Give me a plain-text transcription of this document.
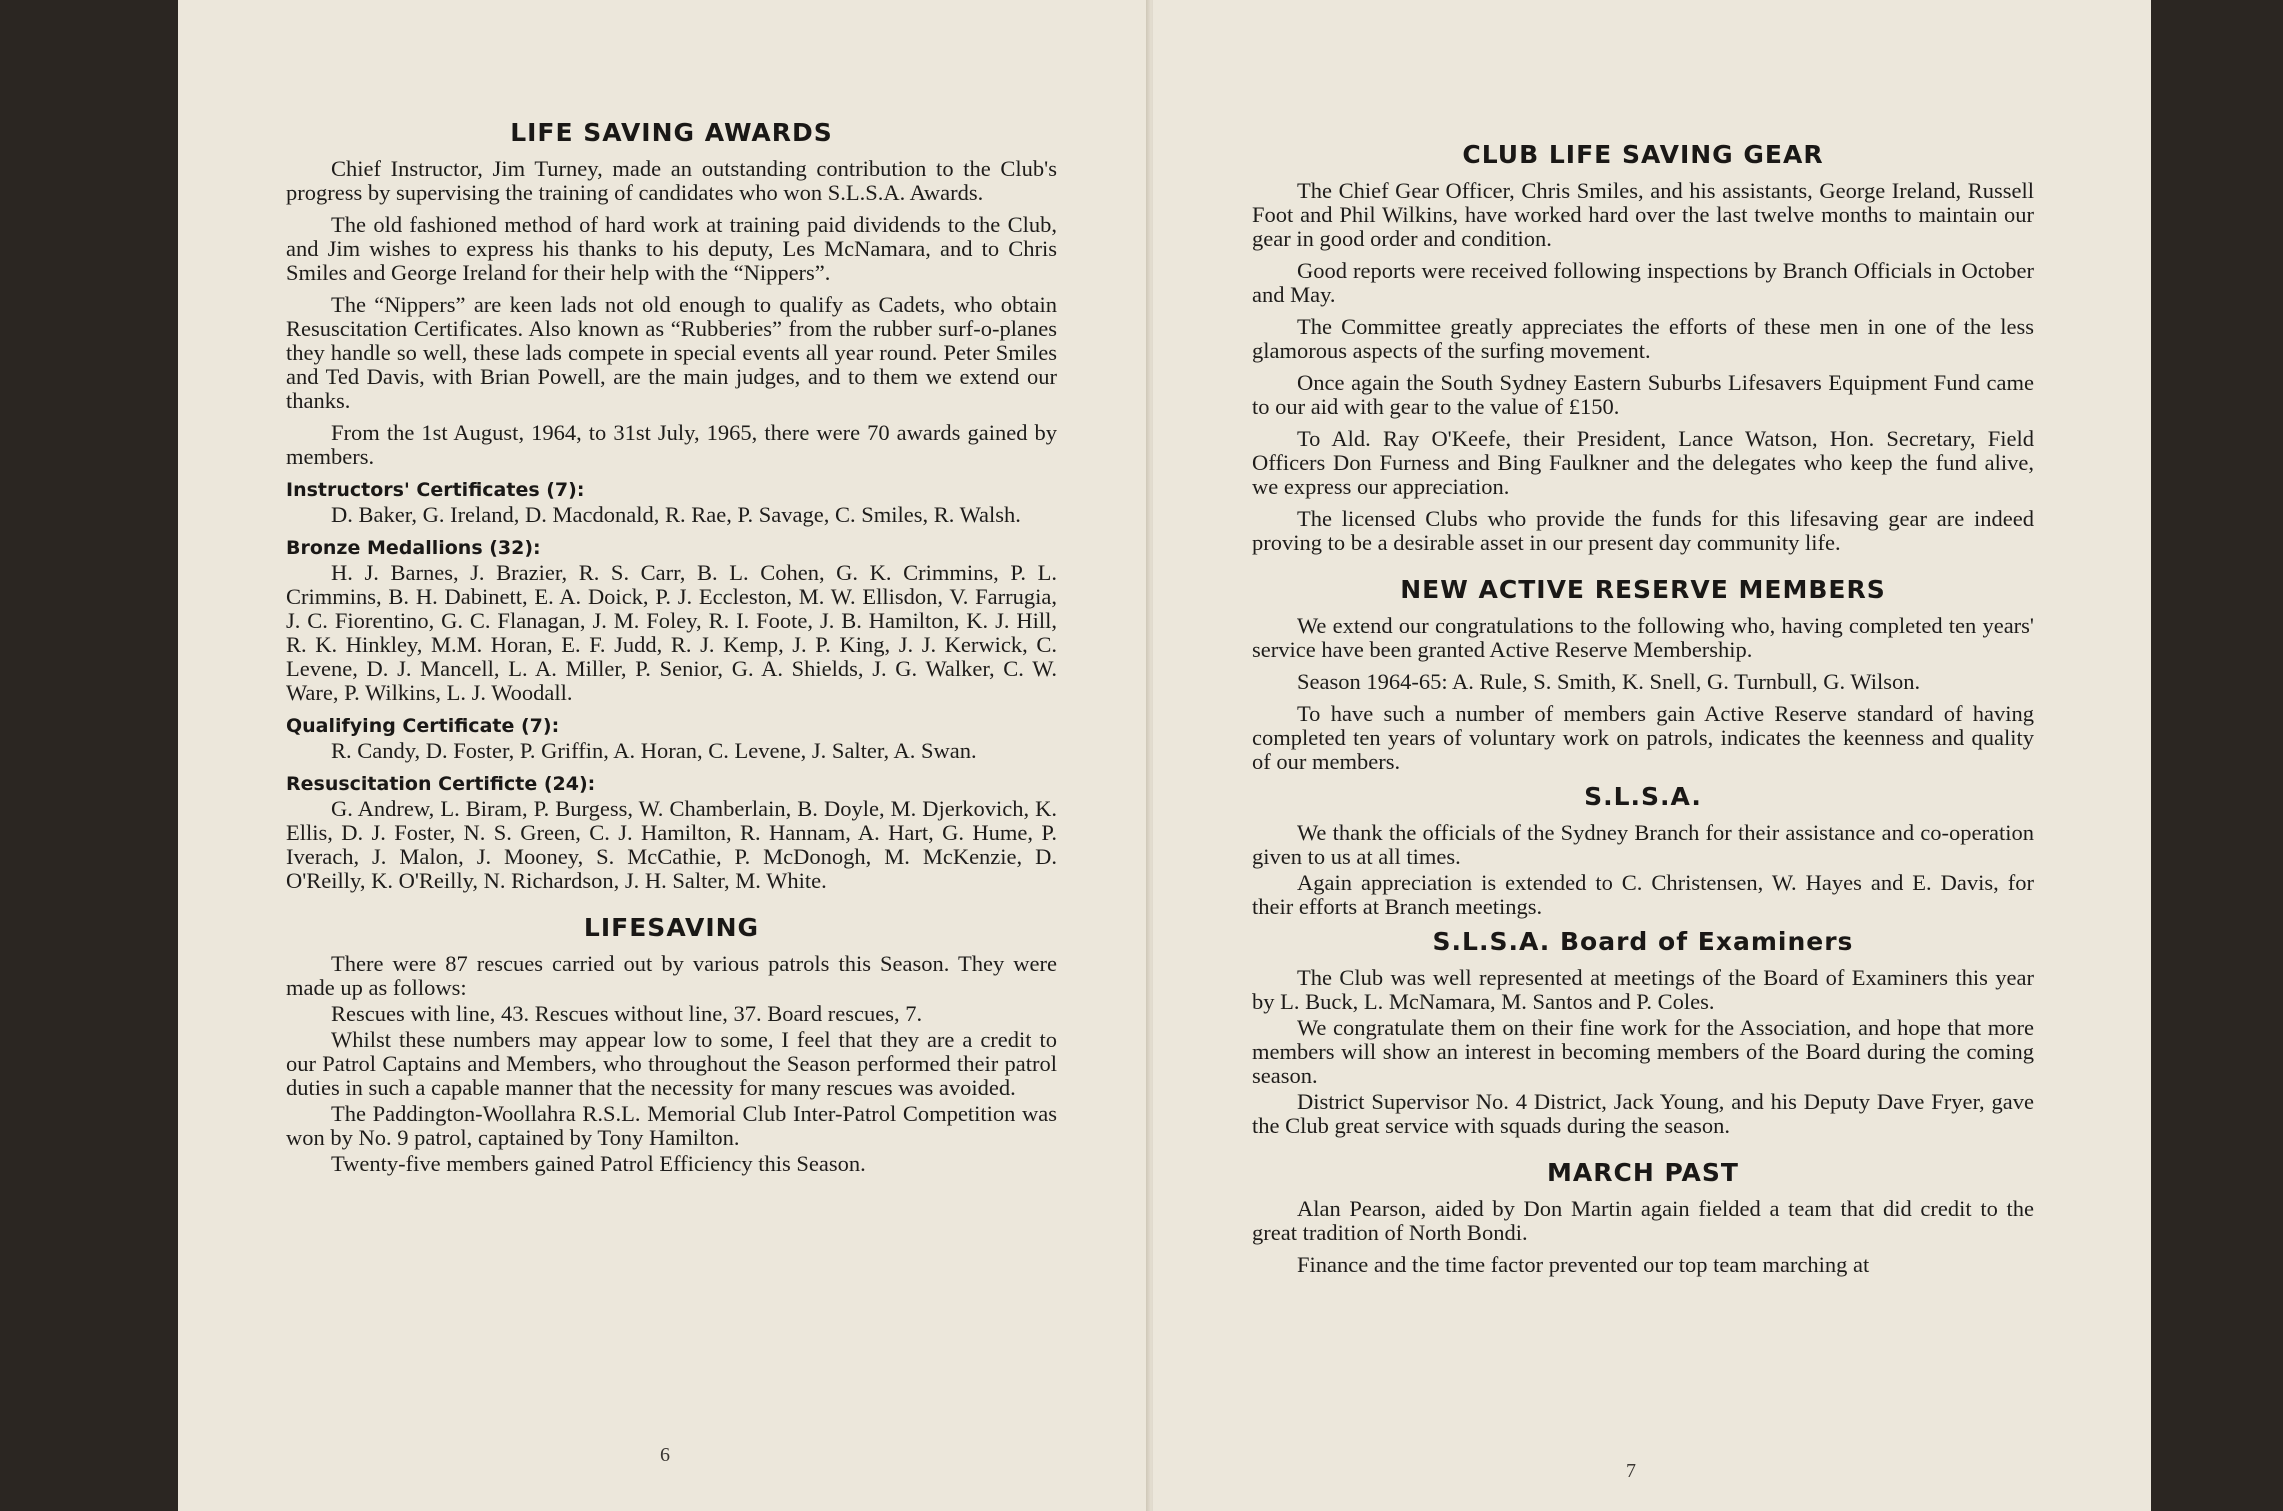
LIFE SAVING AWARDS

Chief Instructor, Jim Turney, made an outstanding contribution to the Club's progress by supervising the training of candidates who won S.L.S.A. Awards.

The old fashioned method of hard work at training paid dividends to the Club, and Jim wishes to express his thanks to his deputy, Les McNamara, and to Chris Smiles and George Ireland for their help with the “Nippers”.

The “Nippers” are keen lads not old enough to qualify as Cadets, who obtain Resuscitation Certificates. Also known as “Rubberies” from the rubber surf-o-planes they handle so well, these lads compete in special events all year round. Peter Smiles and Ted Davis, with Brian Powell, are the main judges, and to them we extend our thanks.

From the 1st August, 1964, to 31st July, 1965, there were 70 awards gained by members.

Instructors' Certificates (7):

D. Baker, G. Ireland, D. Macdonald, R. Rae, P. Savage, C. Smiles, R. Walsh.

Bronze Medallions (32):

H. J. Barnes, J. Brazier, R. S. Carr, B. L. Cohen, G. K. Crimmins, P. L. Crimmins, B. H. Dabinett, E. A. Doick, P. J. Eccleston, M. W. Ellisdon, V. Farrugia, J. C. Fiorentino, G. C. Flanagan, J. M. Foley, R. I. Foote, J. B. Hamilton, K. J. Hill, R. K. Hinkley, M.M. Horan, E. F. Judd, R. J. Kemp, J. P. King, J. J. Kerwick, C. Levene, D. J. Mancell, L. A. Miller, P. Senior, G. A. Shields, J. G. Walker, C. W. Ware, P. Wilkins, L. J. Woodall.

Qualifying Certificate (7):

R. Candy, D. Foster, P. Griffin, A. Horan, C. Levene, J. Salter, A. Swan.

Resuscitation Certificte (24):

G. Andrew, L. Biram, P. Burgess, W. Chamberlain, B. Doyle, M. Djerkovich, K. Ellis, D. J. Foster, N. S. Green, C. J. Hamilton, R. Hannam, A. Hart, G. Hume, P. Iverach, J. Malon, J. Mooney, S. McCathie, P. McDonogh, M. McKenzie, D. O'Reilly, K. O'Reilly, N. Richardson, J. H. Salter, M. White.

LIFESAVING

There were 87 rescues carried out by various patrols this Season. They were made up as follows:

Rescues with line, 43. Rescues without line, 37. Board rescues, 7.

Whilst these numbers may appear low to some, I feel that they are a credit to our Patrol Captains and Members, who throughout the Season performed their patrol duties in such a capable manner that the necessity for many rescues was avoided.

The Paddington-Woollahra R.S.L. Memorial Club Inter-Patrol Competition was won by No. 9 patrol, captained by Tony Hamilton.

Twenty-five members gained Patrol Efficiency this Season.

6
CLUB LIFE SAVING GEAR

The Chief Gear Officer, Chris Smiles, and his assistants, George Ireland, Russell Foot and Phil Wilkins, have worked hard over the last twelve months to maintain our gear in good order and condition.

Good reports were received following inspections by Branch Officials in October and May.

The Committee greatly appreciates the efforts of these men in one of the less glamorous aspects of the surfing movement.

Once again the South Sydney Eastern Suburbs Lifesavers Equipment Fund came to our aid with gear to the value of £150.

To Ald. Ray O'Keefe, their President, Lance Watson, Hon. Secretary, Field Officers Don Furness and Bing Faulkner and the delegates who keep the fund alive, we express our appreciation.

The licensed Clubs who provide the funds for this lifesaving gear are indeed proving to be a desirable asset in our present day community life.

NEW ACTIVE RESERVE MEMBERS

We extend our congratulations to the following who, having completed ten years' service have been granted Active Reserve Membership.

Season 1964-65: A. Rule, S. Smith, K. Snell, G. Turnbull, G. Wilson.

To have such a number of members gain Active Reserve standard of having completed ten years of voluntary work on patrols, indicates the keenness and quality of our members.

S.L.S.A.

We thank the officials of the Sydney Branch for their assistance and co-operation given to us at all times.

Again appreciation is extended to C. Christensen, W. Hayes and E. Davis, for their efforts at Branch meetings.

S.L.S.A. Board of Examiners

The Club was well represented at meetings of the Board of Examiners this year by L. Buck, L. McNamara, M. Santos and P. Coles.

We congratulate them on their fine work for the Association, and hope that more members will show an interest in becoming members of the Board during the coming season.

District Supervisor No. 4 District, Jack Young, and his Deputy Dave Fryer, gave the Club great service with squads during the season.

MARCH PAST

Alan Pearson, aided by Don Martin again fielded a team that did credit to the great tradition of North Bondi.

Finance and the time factor prevented our top team marching at

7
